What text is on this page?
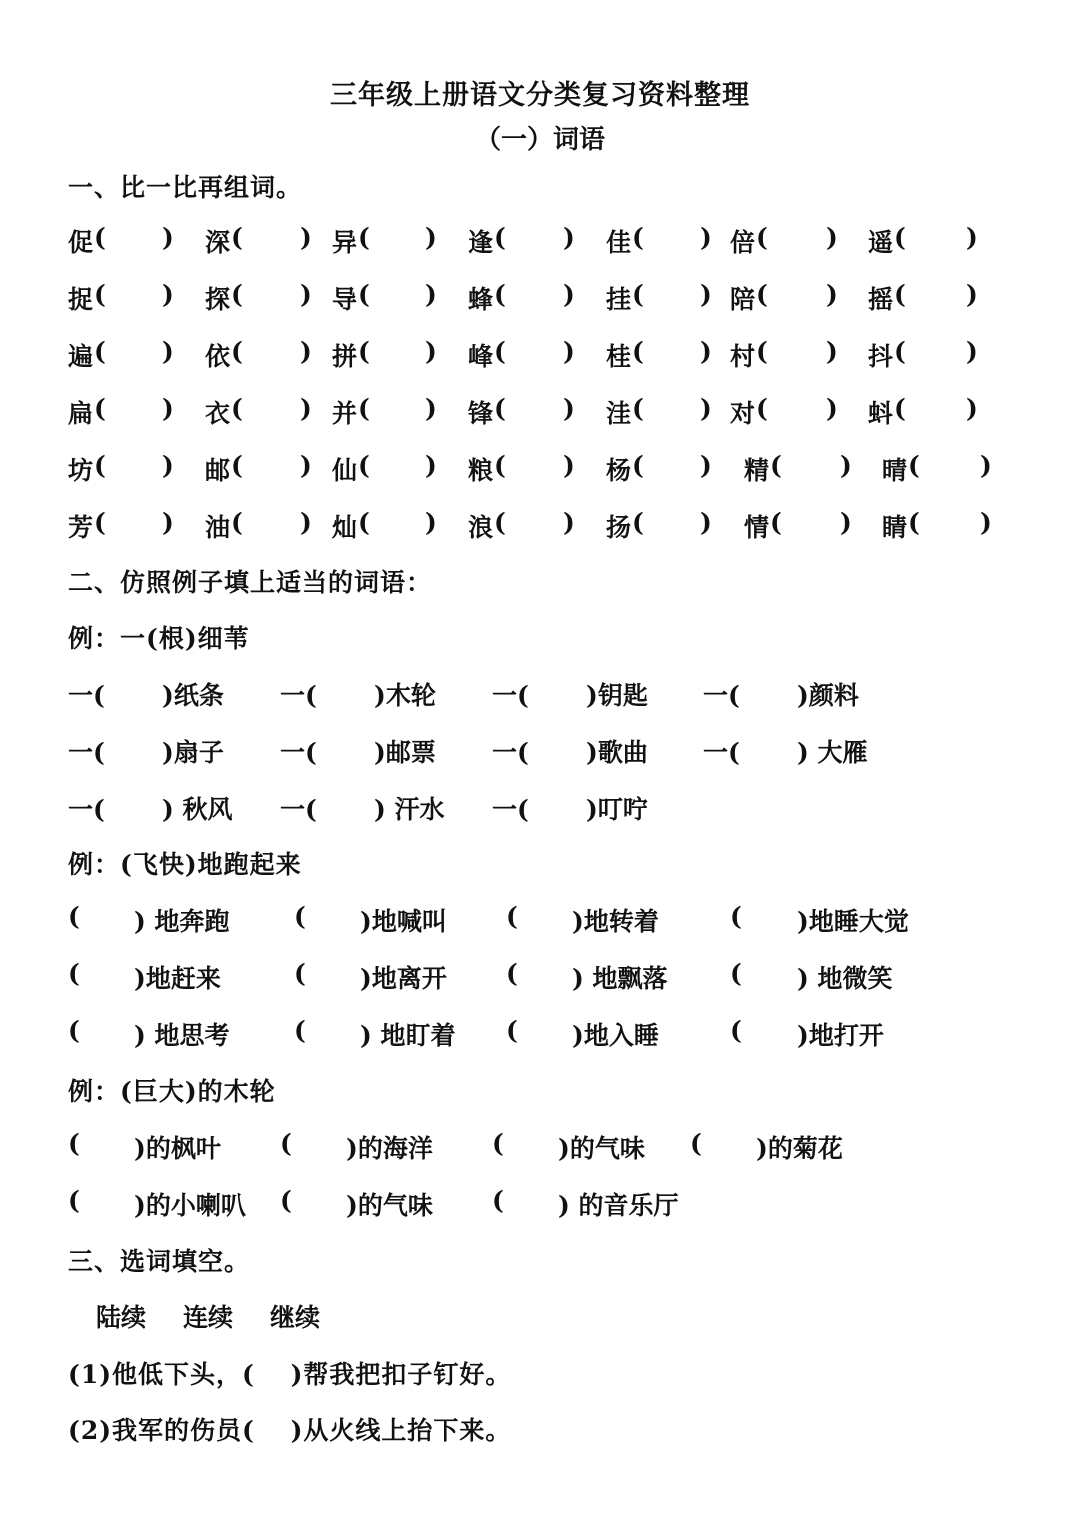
三年级上册语文分类复习资料整理
（一）词语
一、比一比再组词。
促 ( ) 深 ( ) 异 ( ) 逢 ( ) 佳 ( ) 倍 ( ) 遥 ( )
捉 ( ) 探 ( ) 导 ( ) 蜂 ( ) 挂 ( ) 陪 ( ) 摇 ( )
遍 ( ) 依 ( ) 拼 ( ) 峰 ( ) 桂 ( ) 村 ( ) 抖 ( )
扁 ( ) 衣 ( ) 并 ( ) 锋 ( ) 洼 ( ) 对 ( ) 蚪 ( )
坊 ( ) 邮 ( ) 仙 ( ) 粮 ( ) 杨 ( ) 精 ( ) 晴 ( )
芳 ( ) 油 ( ) 灿 ( ) 浪 ( ) 扬 ( ) 情 ( ) 睛 ( )
二、仿照例子填上适当的词语：
例：一(根)细苇
一( )纸条 一( )木轮 一( )钥匙 一( )颜料
一( )扇子 一( )邮票 一( )歌曲 一( ) 大雁
一( ) 秋风 一( ) 汗水 一( )叮咛
例：(飞快)地跑起来
( ) 地奔跑	( )地喊叫 ( )地转着	( )地睡大觉
( )地赶来	( )地离开 ( ) 地飘落 ( ) 地微笑
( ) 地思考	( ) 地盯着 ( )地入睡	( )地打开
例：(巨大)的木轮
( )的枫叶 ( )的海洋 ( )的气味 ( )的菊花
( )的小喇叭 ( )的气味 ( ) 的音乐厅
三、选词填空。
陆续 连续 继续
(1)他低下头，(　 )帮我把扣子钉好。
(2)我军的伤员(　 )从火线上抬下来。
